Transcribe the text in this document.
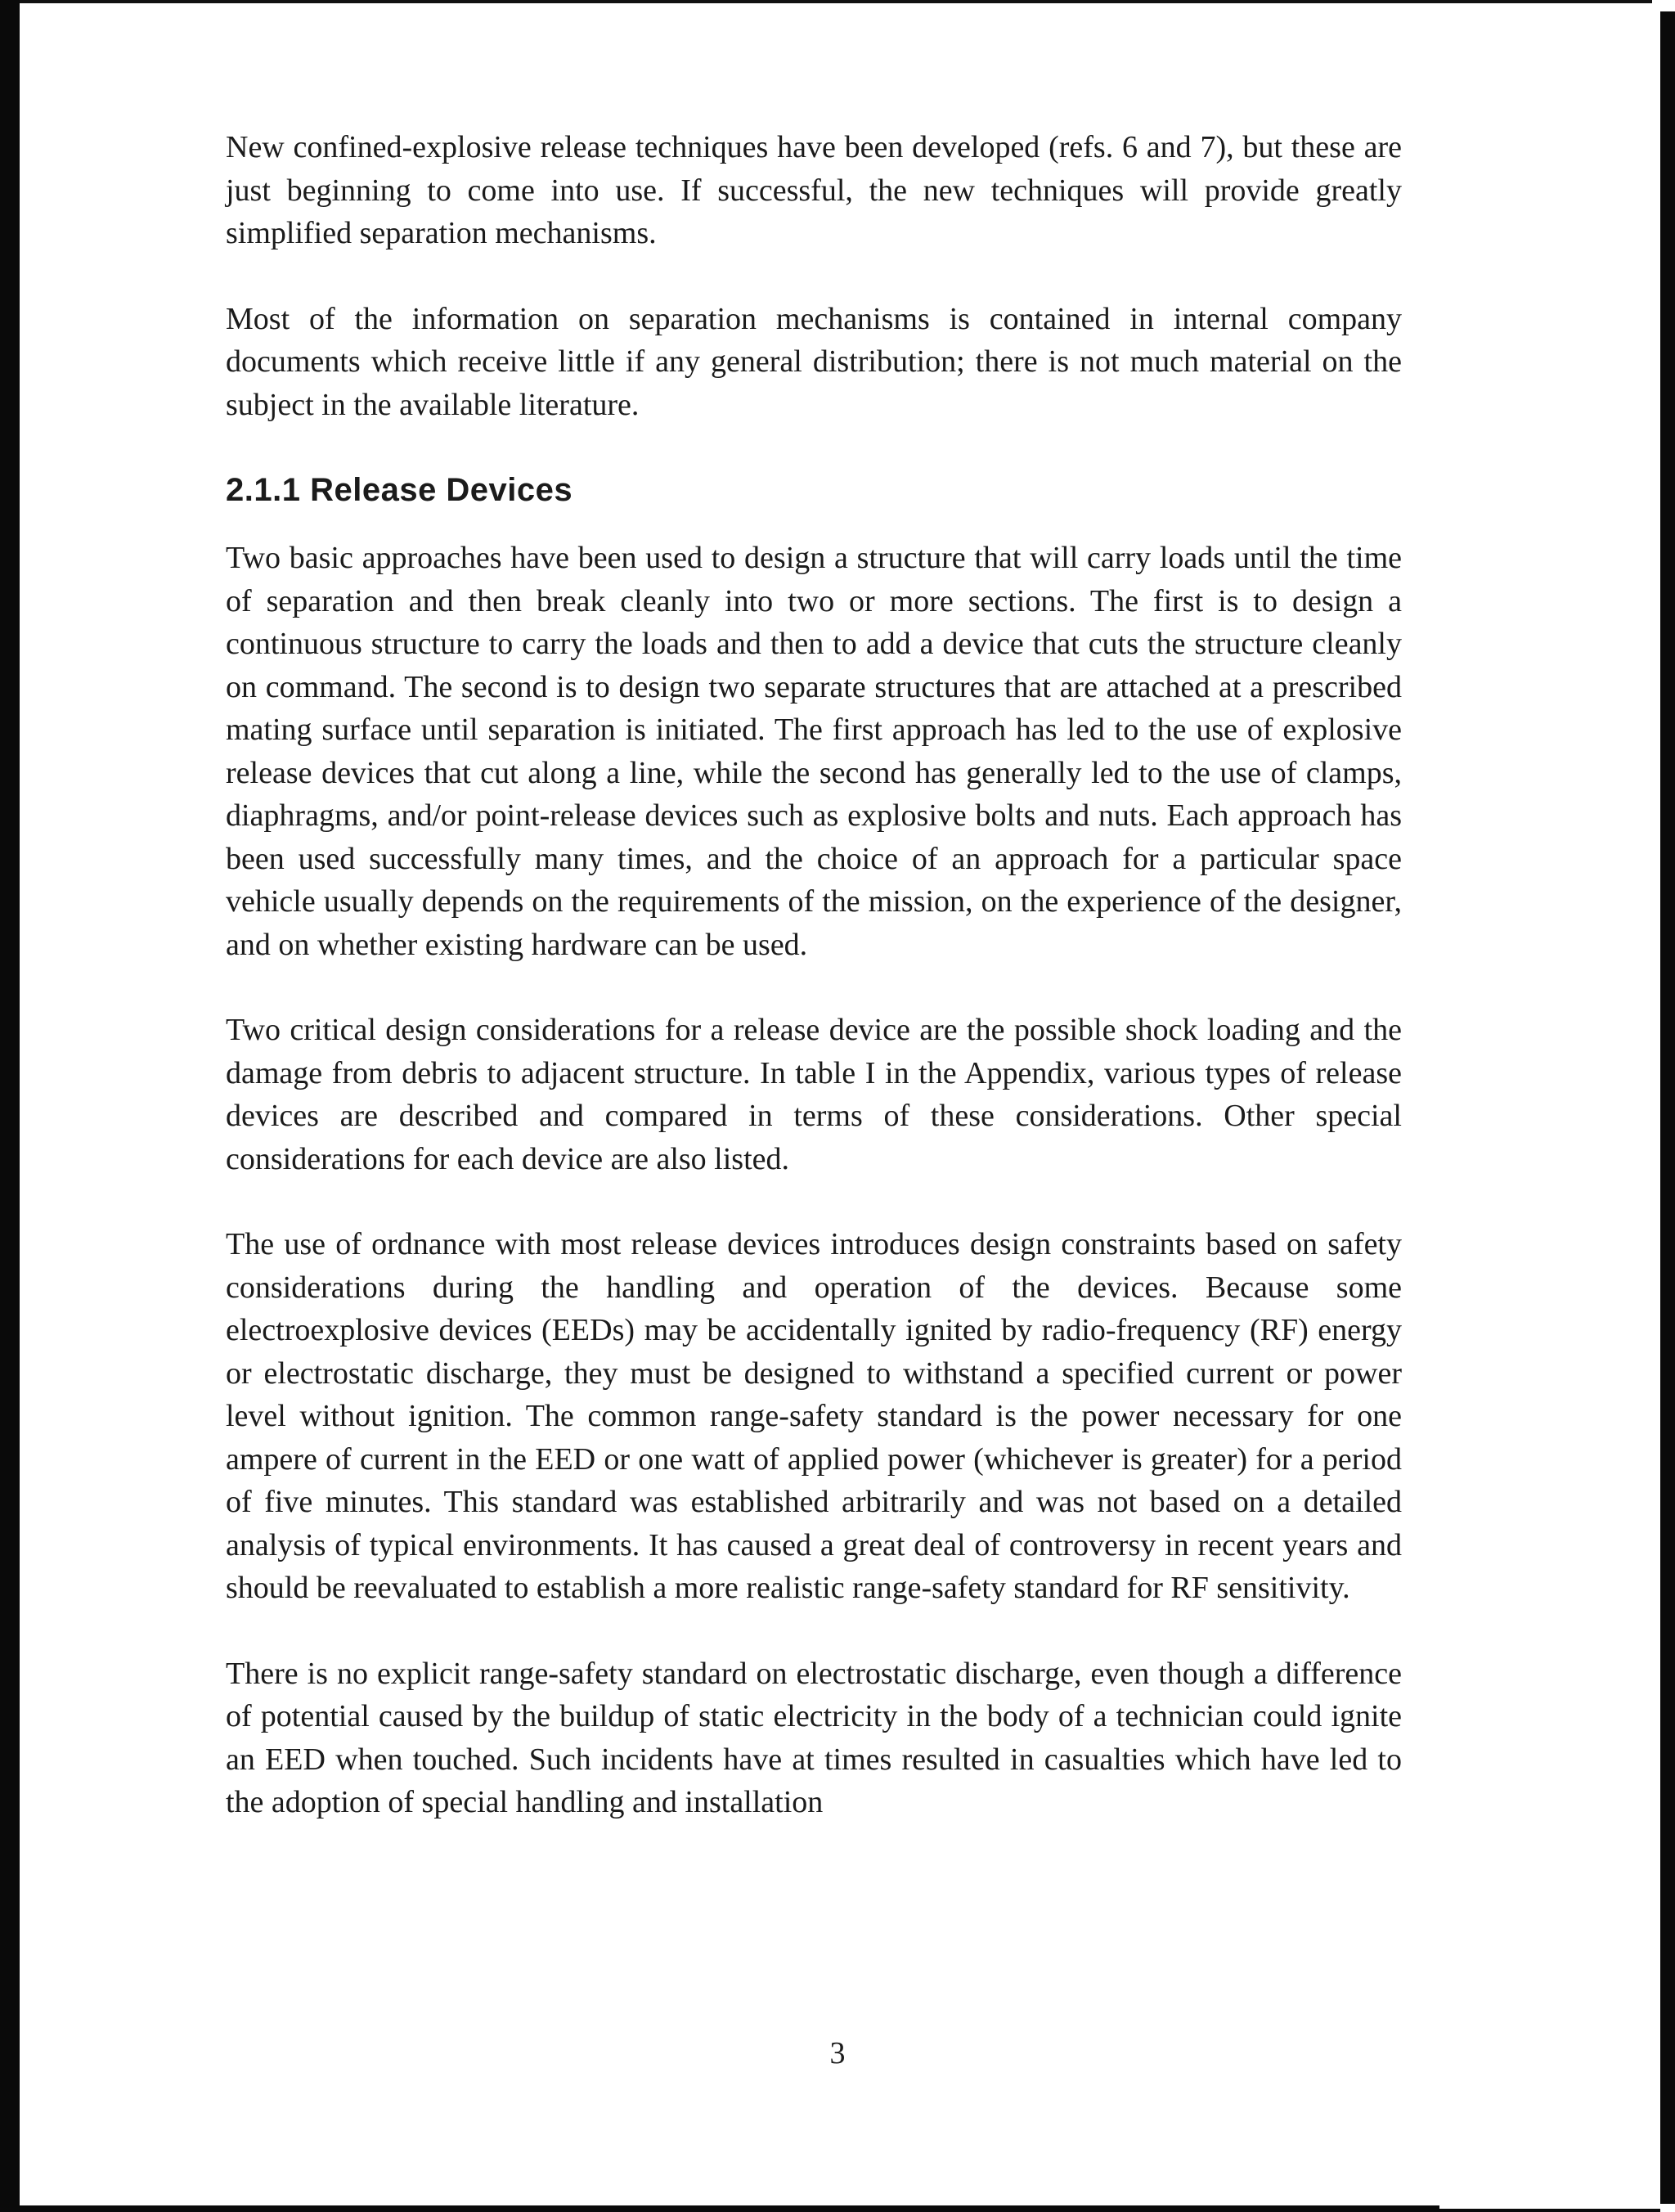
New confined-explosive release techniques have been developed (refs. 6 and 7), but these are just beginning to come into use. If successful, the new techniques will provide greatly simplified separation mechanisms.

Most of the information on separation mechanisms is contained in internal company documents which receive little if any general distribution; there is not much material on the subject in the available literature.

2.1.1 Release Devices

Two basic approaches have been used to design a structure that will carry loads until the time of separation and then break cleanly into two or more sections. The first is to design a continuous structure to carry the loads and then to add a device that cuts the structure cleanly on command. The second is to design two separate structures that are attached at a prescribed mating surface until separation is initiated. The first approach has led to the use of explosive release devices that cut along a line, while the second has generally led to the use of clamps, diaphragms, and/or point-release devices such as explosive bolts and nuts. Each approach has been used successfully many times, and the choice of an approach for a particular space vehicle usually depends on the requirements of the mission, on the experience of the designer, and on whether existing hardware can be used.

Two critical design considerations for a release device are the possible shock loading and the damage from debris to adjacent structure. In table I in the Appendix, various types of release devices are described and compared in terms of these considerations. Other special considerations for each device are also listed.

The use of ordnance with most release devices introduces design constraints based on safety considerations during the handling and operation of the devices. Because some electroexplosive devices (EEDs) may be accidentally ignited by radio-frequency (RF) energy or electrostatic discharge, they must be designed to withstand a specified current or power level without ignition. The common range-safety standard is the power necessary for one ampere of current in the EED or one watt of applied power (whichever is greater) for a period of five minutes. This standard was established arbitrarily and was not based on a detailed analysis of typical environments. It has caused a great deal of controversy in recent years and should be reevaluated to establish a more realistic range-safety standard for RF sensitivity.

There is no explicit range-safety standard on electrostatic discharge, even though a difference of potential caused by the buildup of static electricity in the body of a technician could ignite an EED when touched. Such incidents have at times resulted in casualties which have led to the adoption of special handling and installation

3
